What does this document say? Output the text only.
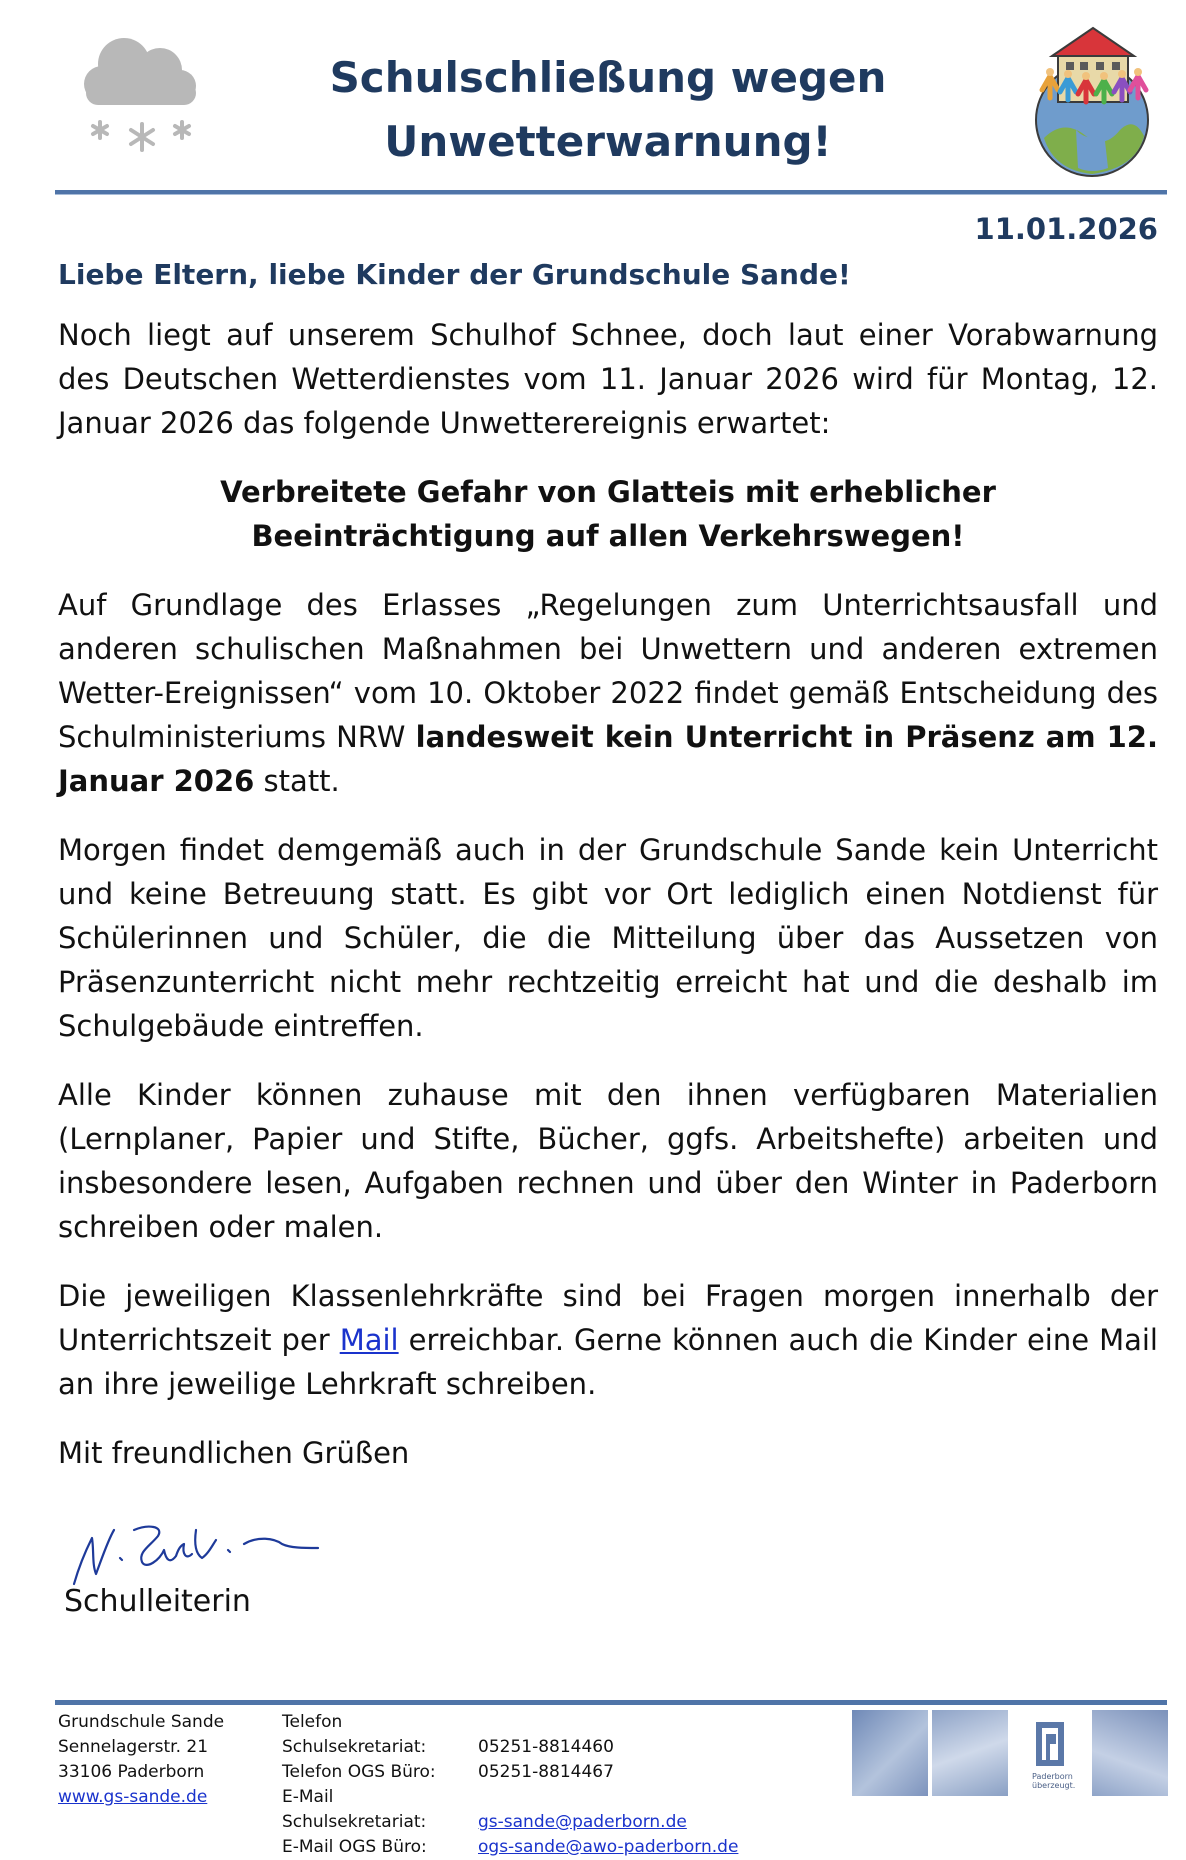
Schulschließung wegen Unwetterwarnung!
11.01.2026
Liebe Eltern, liebe Kinder der Grundschule Sande!

Noch liegt auf unserem Schulhof Schnee, doch laut einer Vorabwarnung des Deutschen Wetterdienstes vom 11. Januar 2026 wird für Montag, 12. Januar 2026 das folgende Unwetterereignis erwartet:

Verbreitete Gefahr von Glatteis mit erheblicher
Beeinträchtigung auf allen Verkehrswegen!

Auf Grundlage des Erlasses „Regelungen zum Unterrichtsausfall und anderen schulischen Maßnahmen bei Unwettern und anderen extremen Wetter-Ereignissen“ vom 10. Oktober 2022 findet gemäß Entscheidung des Schulministeriums NRW landesweit kein Unterricht in Präsenz am 12. Januar 2026 statt.

Morgen findet demgemäß auch in der Grundschule Sande kein Unterricht und keine Betreuung statt. Es gibt vor Ort lediglich einen Notdienst für Schülerinnen und Schüler, die die Mitteilung über das Aussetzen von Präsenzunterricht nicht mehr rechtzeitig erreicht hat und die deshalb im Schulgebäude eintreffen.

Alle Kinder können zuhause mit den ihnen verfügbaren Materialien (Lernplaner, Papier und Stifte, Bücher, ggfs. Arbeitshefte) arbeiten und insbesondere lesen, Aufgaben rechnen und über den Winter in Paderborn schreiben oder malen.

Die jeweiligen Klassenlehrkräfte sind bei Fragen morgen innerhalb der Unterrichtszeit per Mail erreichbar. Gerne können auch die Kinder eine Mail an ihre jeweilige Lehrkraft schreiben.

Mit freundlichen Grüßen

Schulleiterin
Grundschule Sande
Sennelagerstr. 21
33106 Paderborn
www.gs-sande.de
Telefon Schulsekretariat:	05251-8814460
Telefon OGS Büro: 05251-8814467
E-Mail Schulsekretariat:	gs-sande@paderborn.de
E-Mail OGS Büro:	ogs-sande@awo-paderborn.de
Paderborn überzeugt.
